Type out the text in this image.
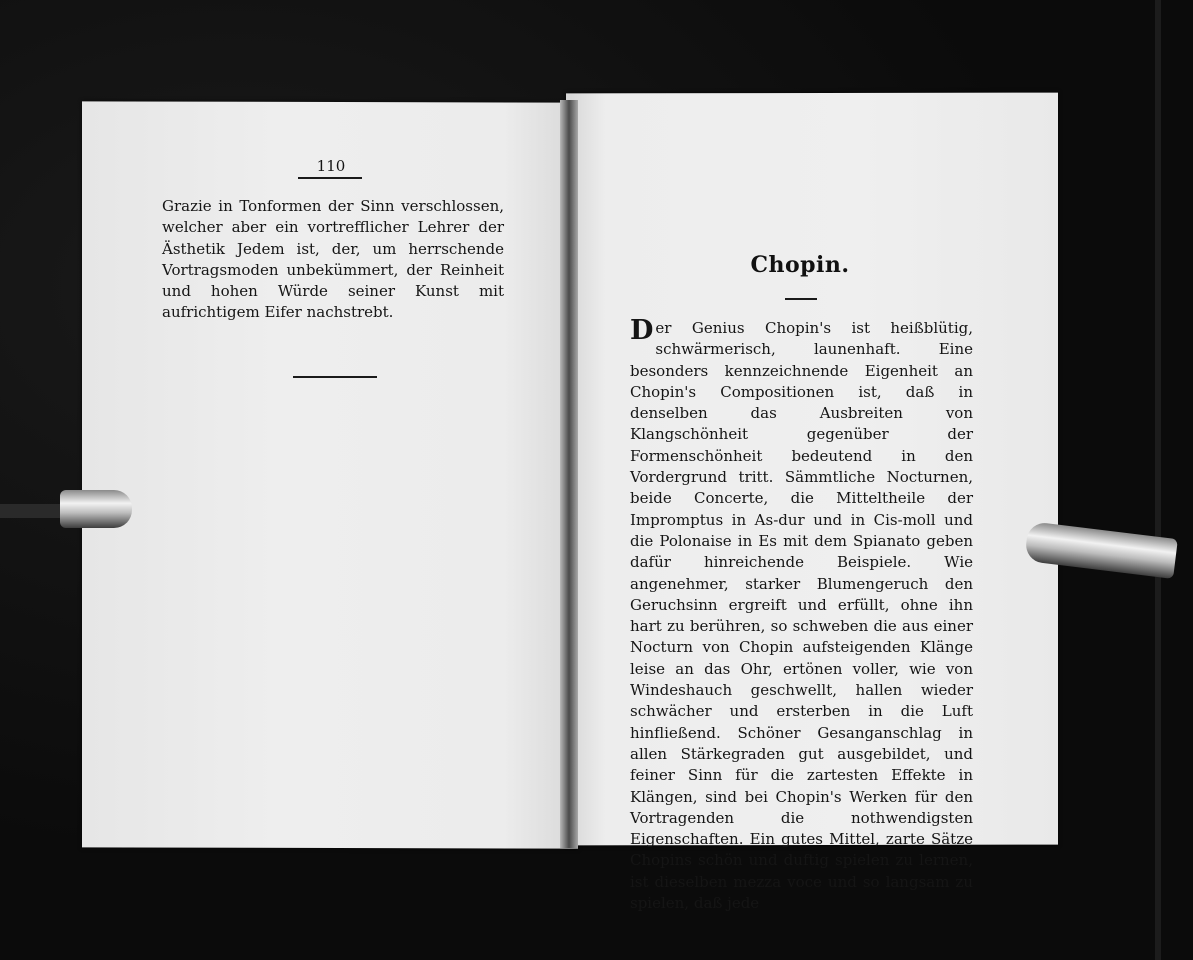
110
Grazie in Tonformen der Sinn verschlossen, welcher aber ein vortrefflicher Lehrer der Ästhetik Jedem ist, der, um herrschende Vortragsmoden unbekümmert, der Reinheit und hohen Würde seiner Kunst mit aufrichtigem Eifer nachstrebt.
Chopin.
Der Genius Chopin's ist heißblütig, schwärmerisch, launenhaft. Eine besonders kennzeichnende Eigenheit an Chopin's Compositionen ist, daß in denselben das Ausbreiten von Klangschönheit gegenüber der Formenschönheit bedeutend in den Vordergrund tritt. Sämmtliche Nocturnen, beide Concerte, die Mitteltheile der Impromptus in As-dur und in Cis-moll und die Polonaise in Es mit dem Spianato geben dafür hinreichende Beispiele. Wie angenehmer, starker Blumengeruch den Geruchsinn ergreift und erfüllt, ohne ihn hart zu berühren, so schweben die aus einer Nocturn von Chopin aufsteigenden Klänge leise an das Ohr, ertönen voller, wie von Windeshauch geschwellt, hallen wieder schwächer und ersterben in die Luft hinfließend. Schöner Gesanganschlag in allen Stärkegraden gut ausgebildet, und feiner Sinn für die zartesten Effekte in Klängen, sind bei Chopin's Werken für den Vortragenden die nothwendigsten Eigenschaften. Ein gutes Mittel, zarte Sätze Chopins schön und duftig spielen zu lernen, ist dieselben mezza voce und so langsam zu spielen, daß jede
